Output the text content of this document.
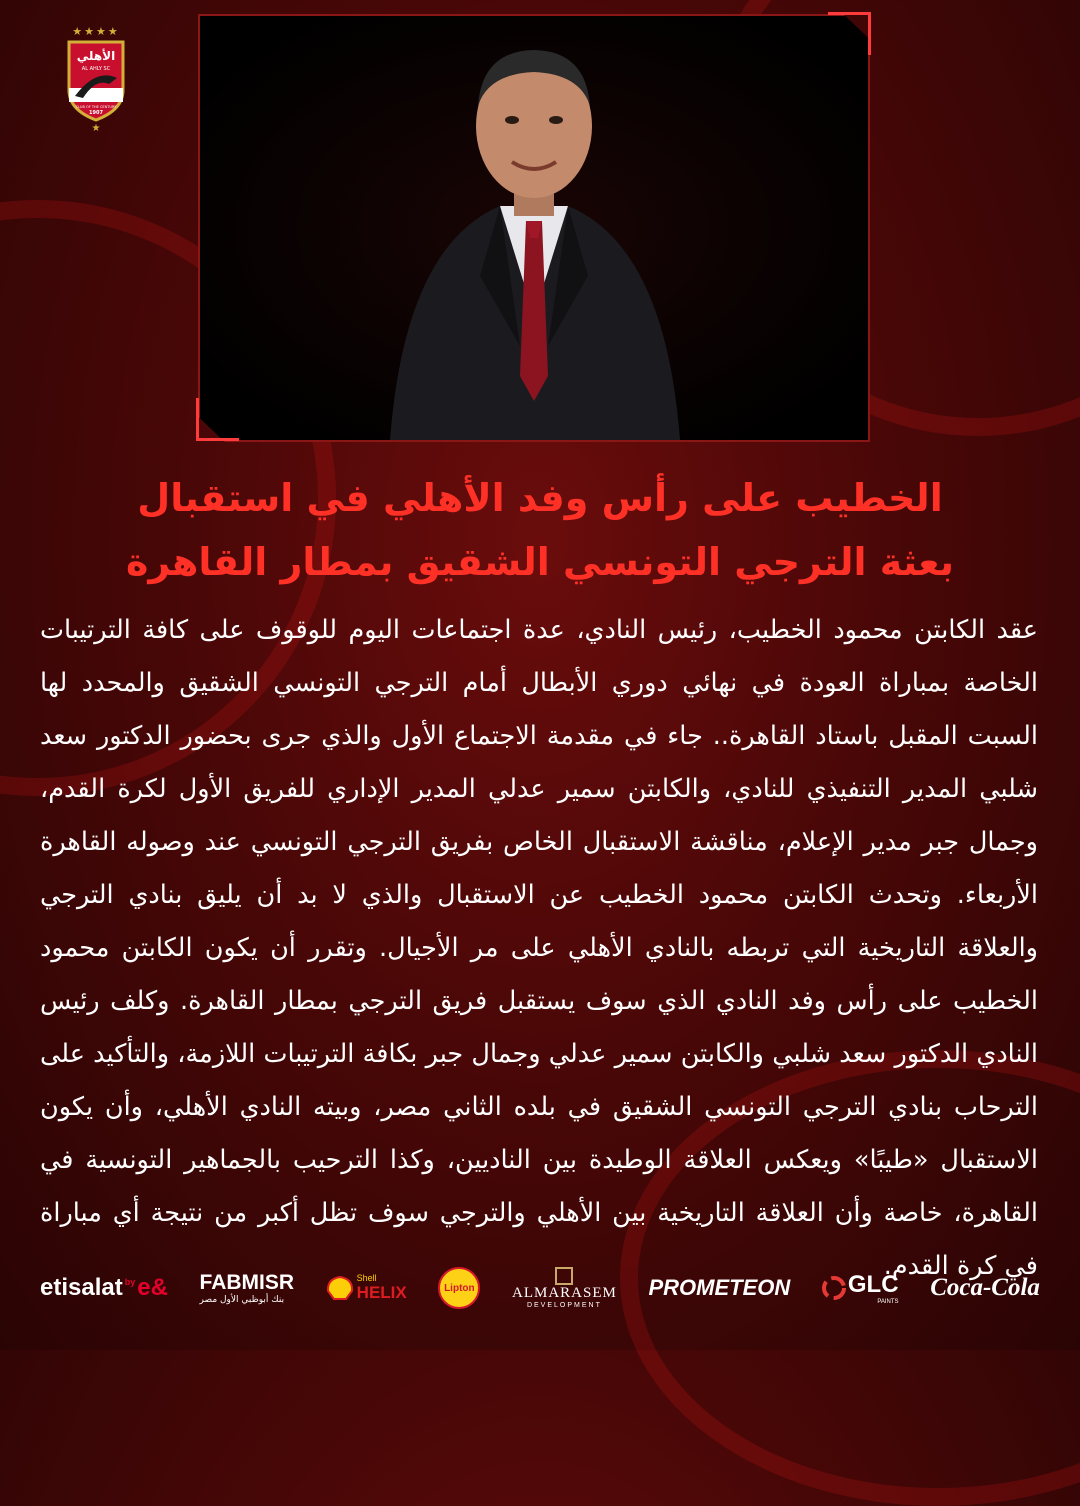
★★★★
الأهلي
AL AHLY SC
CLUB OF THE CENTURY
1907
★
الخطيب على رأس وفد الأهلي في استقبال
بعثة الترجي التونسي الشقيق بمطار القاهرة
عقد الكابتن محمود الخطيب، رئيس النادي، عدة اجتماعات اليوم للوقوف على كافة الترتيبات الخاصة بمباراة العودة في نهائي دوري الأبطال أمام الترجي التونسي الشقيق والمحدد لها السبت المقبل باستاد القاهرة.. جاء في مقدمة الاجتماع الأول والذي جرى بحضور الدكتور سعد شلبي المدير التنفيذي للنادي، والكابتن سمير عدلي المدير الإداري للفريق الأول لكرة القدم، وجمال جبر مدير الإعلام، مناقشة الاستقبال الخاص بفريق الترجي التونسي عند وصوله القاهرة الأربعاء. وتحدث الكابتن محمود الخطيب عن الاستقبال والذي لا بد أن يليق بنادي الترجي والعلاقة التاريخية التي تربطه بالنادي الأهلي على مر الأجيال. وتقرر أن يكون الكابتن محمود الخطيب على رأس وفد النادي الذي سوف يستقبل فريق الترجي بمطار القاهرة. وكلف رئيس النادي الدكتور سعد شلبي والكابتن سمير عدلي وجمال جبر بكافة الترتيبات اللازمة، والتأكيد على الترحاب بنادي الترجي التونسي الشقيق في بلده الثاني مصر، وبيته النادي الأهلي، وأن يكون الاستقبال «طيبًا» ويعكس العلاقة الوطيدة بين الناديين، وكذا الترحيب بالجماهير التونسية في القاهرة، خاصة وأن العلاقة التاريخية بين الأهلي والترجي سوف تظل أكبر من نتيجة أي مباراة في كرة القدم.
etisalat by e& FABMISR
بنك أبوظبي الأول مصر
Shell
HELIX	Lipton ALMARASEM
DEVELOPMENT
PROMETEON GLC
PAINTS
Coca-Cola
